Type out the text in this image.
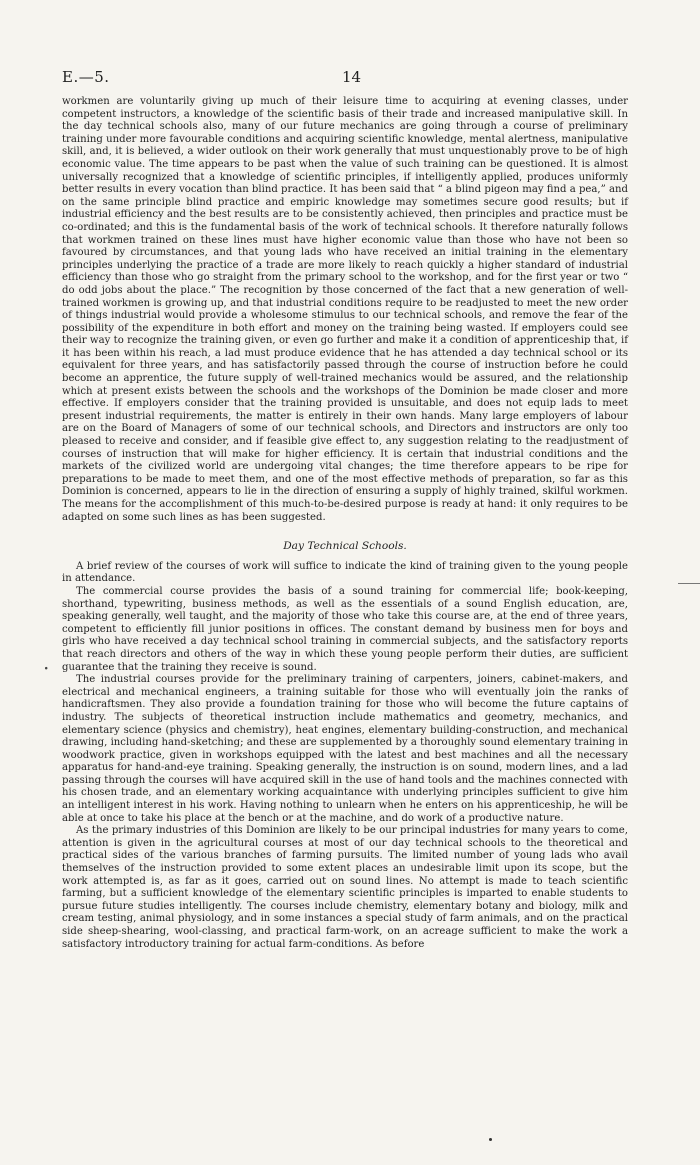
E.—5.	14

workmen are voluntarily giving up much of their leisure time to acquiring at evening classes, under competent instructors, a knowledge of the scientific basis of their trade and increased manipulative skill. In the day technical schools also, many of our future mechanics are going through a course of preliminary training under more favourable conditions and acquiring scientific knowledge, mental alertness, manipulative skill, and, it is believed, a wider outlook on their work generally that must unquestionably prove to be of high economic value. The time appears to be past when the value of such training can be questioned. It is almost universally recognized that a knowledge of scientific principles, if intelligently applied, produces uniformly better results in every vocation than blind practice. It has been said that “ a blind pigeon may find a pea,” and on the same principle blind practice and empiric knowledge may sometimes secure good results; but if industrial efficiency and the best results are to be consistently achieved, then principles and practice must be co-ordinated; and this is the fundamental basis of the work of technical schools. It therefore naturally follows that workmen trained on these lines must have higher economic value than those who have not been so favoured by circumstances, and that young lads who have received an initial training in the elementary principles underlying the practice of a trade are more likely to reach quickly a higher standard of industrial efficiency than those who go straight from the primary school to the workshop, and for the first year or two “ do odd jobs about the place.” The recognition by those concerned of the fact that a new generation of well-trained workmen is growing up, and that industrial conditions require to be readjusted to meet the new order of things industrial would provide a wholesome stimulus to our technical schools, and remove the fear of the possibility of the expenditure in both effort and money on the training being wasted. If employers could see their way to recognize the training given, or even go further and make it a condition of apprenticeship that, if it has been within his reach, a lad must produce evidence that he has attended a day technical school or its equivalent for three years, and has satisfactorily passed through the course of instruction before he could become an apprentice, the future supply of well-trained mechanics would be assured, and the relationship which at present exists between the schools and the workshops of the Dominion be made closer and more effective. If employers consider that the training provided is unsuitable, and does not equip lads to meet present industrial requirements, the matter is entirely in their own hands. Many large employers of labour are on the Board of Managers of some of our technical schools, and Directors and instructors are only too pleased to receive and consider, and if feasible give effect to, any suggestion relating to the readjustment of courses of instruction that will make for higher efficiency. It is certain that industrial conditions and the markets of the civilized world are undergoing vital changes; the time therefore appears to be ripe for preparations to be made to meet them, and one of the most effective methods of preparation, so far as this Dominion is concerned, appears to lie in the direction of ensuring a supply of highly trained, skilful workmen. The means for the accomplishment of this much-to-be-desired purpose is ready at hand: it only requires to be adapted on some such lines as has been suggested.

Day Technical Schools.

A brief review of the courses of work will suffice to indicate the kind of training given to the young people in attendance.

The commercial course provides the basis of a sound training for commercial life; book-keeping, shorthand, typewriting, business methods, as well as the essentials of a sound English education, are, speaking generally, well taught, and the majority of those who take this course are, at the end of three years, competent to efficiently fill junior positions in offices. The constant demand by business men for boys and girls who have received a day technical school training in commercial subjects, and the satisfactory reports that reach directors and others of the way in which these young people perform their duties, are sufficient guarantee that the training they receive is sound.

The industrial courses provide for the preliminary training of carpenters, joiners, cabinet-makers, and electrical and mechanical engineers, a training suitable for those who will eventually join the ranks of handicraftsmen. They also provide a foundation training for those who will become the future captains of industry. The subjects of theoretical instruction include mathematics and geometry, mechanics, and elementary science (physics and chemistry), heat engines, elementary building-construction, and mechanical drawing, including hand-sketching; and these are supplemented by a thoroughly sound elementary training in woodwork practice, given in workshops equipped with the latest and best machines and all the necessary apparatus for hand-and-eye training. Speaking generally, the instruction is on sound, modern lines, and a lad passing through the courses will have acquired skill in the use of hand tools and the machines connected with his chosen trade, and an elementary working acquaintance with underlying principles sufficient to give him an intelligent interest in his work. Having nothing to unlearn when he enters on his apprenticeship, he will be able at once to take his place at the bench or at the machine, and do work of a productive nature.

As the primary industries of this Dominion are likely to be our principal industries for many years to come, attention is given in the agricultural courses at most of our day technical schools to the theoretical and practical sides of the various branches of farming pursuits. The limited number of young lads who avail themselves of the instruction provided to some extent places an undesirable limit upon its scope, but the work attempted is, as far as it goes, carried out on sound lines. No attempt is made to teach scientific farming, but a sufficient knowledge of the elementary scientific principles is imparted to enable students to pursue future studies intelligently. The courses include chemistry, elementary botany and biology, milk and cream testing, animal physiology, and in some instances a special study of farm animals, and on the practical side sheep-shearing, wool-classing, and practical farm-work, on an acreage sufficient to make the work a satisfactory introductory training for actual farm-conditions. As before

∙
